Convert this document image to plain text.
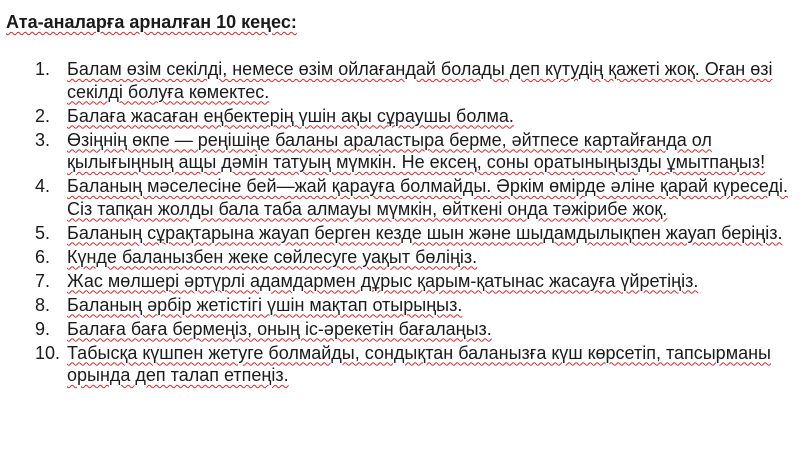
Ата-аналарға арналған 10 кеңес:
1. Балам өзім секілді, немесе өзім ойлағандай болады деп күтудің қажеті жоқ. Оған өзі секілді болуға көмектес.
2. Балаға жасаған еңбектерің үшін ақы сұраушы болма.
3. Өзіңнің өкпе — реңішіңе баланы араластыра берме, әйтпесе картайғанда ол қылығыңның ащы дәмін татуың мүмкін. Не ексең, соны оратыныңызды ұмытпаңыз!
4. Баланың мәселесіне бей—жай қарауға болмайды. Әркім өмірде әліне қарай күреседі. Сіз тапқан жолды бала таба алмауы мүмкін, өйткені онда тәжірибе жоқ.
5. Баланың сұрақтарына жауап берген кезде шын және шыдамдылықпен жауап беріңіз.
6. Күнде баланызбен жеке сөйлесуге уақыт бөліңіз.
7. Жас мөлшері әртүрлі адамдармен дұрыс қарым-қатынас жасауға үйретіңіз.
8. Баланың әрбір жетістігі үшін мақтап отырыңыз.
9. Балаға баға бермеңіз, оның іс-әрекетін бағалаңыз.
10. Табысқа күшпен жетуге болмайды, сондықтан баланызға күш көрсетіп, тапсырманы орында деп талап етпеңіз.
